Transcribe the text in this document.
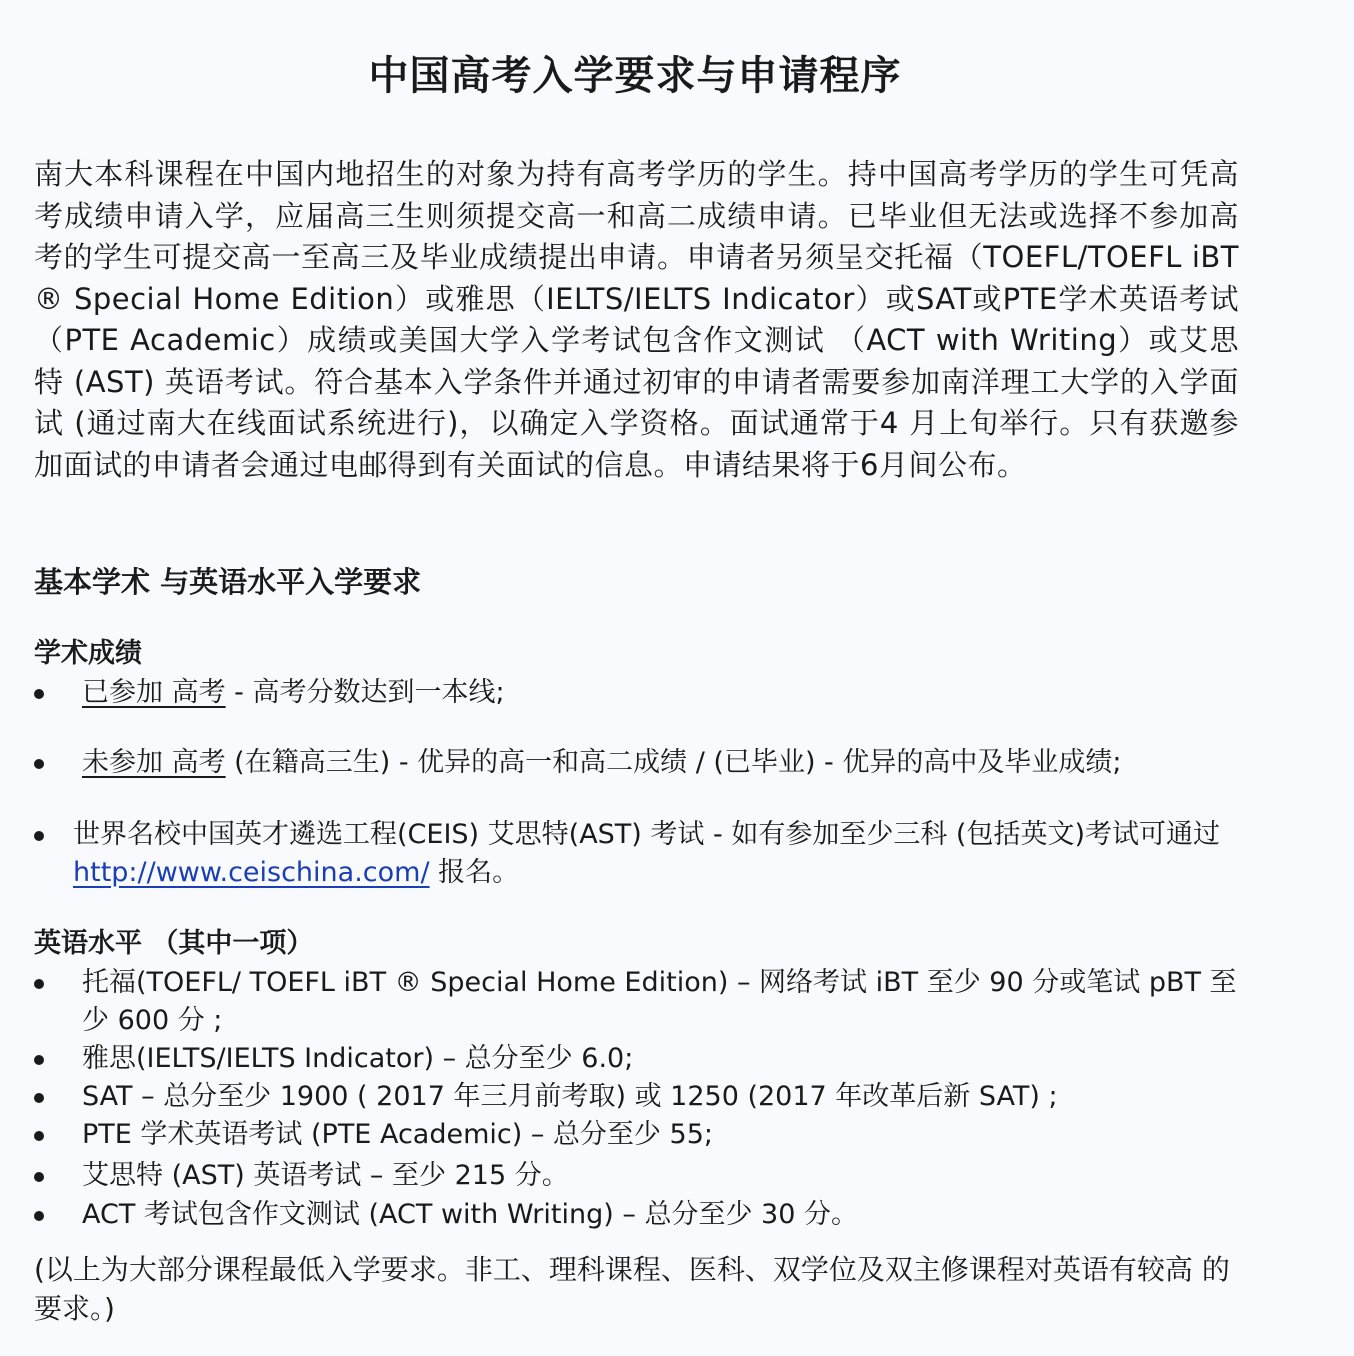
中国高考入学要求与申请程序
南大本科课程在中国内地招生的对象为持有高考学历的学生。持中国高考学历的学生可凭高考成绩申请入学，应届高三生则须提交高一和高二成绩申请。已毕业但无法或选择不参加高考的学生可提交高一至高三及毕业成绩提出申请。申请者另须呈交托福（TOEFL/TOEFL iBT ® Special Home Edition）或雅思（IELTS/IELTS Indicator）或SAT或PTE学术英语考试 （PTE Academic）成绩或美国大学入学考试包含作文测试 （ACT with Writing）或艾思特 (AST) 英语考试。符合基本入学条件并通过初审的申请者需要参加南洋理工大学的入学面试 (通过南大在线面试系统进行)，以确定入学资格。面试通常于4 月上旬举行。只有获邀参加面试的申请者会通过电邮得到有关面试的信息。申请结果将于6月间公布。
基本学术 与英语水平入学要求
学术成绩
已参加 高考 - 高考分数达到一本线;
未参加 高考 (在籍高三生) - 优异的高一和高二成绩 / (已毕业) - 优异的高中及毕业成绩;
世界名校中国英才遴选工程(CEIS) 艾思特(AST) 考试 - 如有参加至少三科 (包括英文)考试可通过 http://www.ceischina.com/ 报名。
英语水平 （其中一项）
托福(TOEFL/ TOEFL iBT ® Special Home Edition) – 网络考试 iBT 至少 90 分或笔试 pBT 至少 600 分 ;
雅思(IELTS/IELTS Indicator) – 总分至少 6.0;
SAT – 总分至少 1900 ( 2017 年三月前考取) 或 1250 (2017 年改革后新 SAT) ;
PTE 学术英语考试 (PTE Academic) – 总分至少 55;
艾思特 (AST) 英语考试 – 至少 215 分。
ACT 考试包含作文测试 (ACT with Writing) – 总分至少 30 分。
(以上为大部分课程最低入学要求。非工、理科课程、医科、双学位及双主修课程对英语有较高 的要求。)
